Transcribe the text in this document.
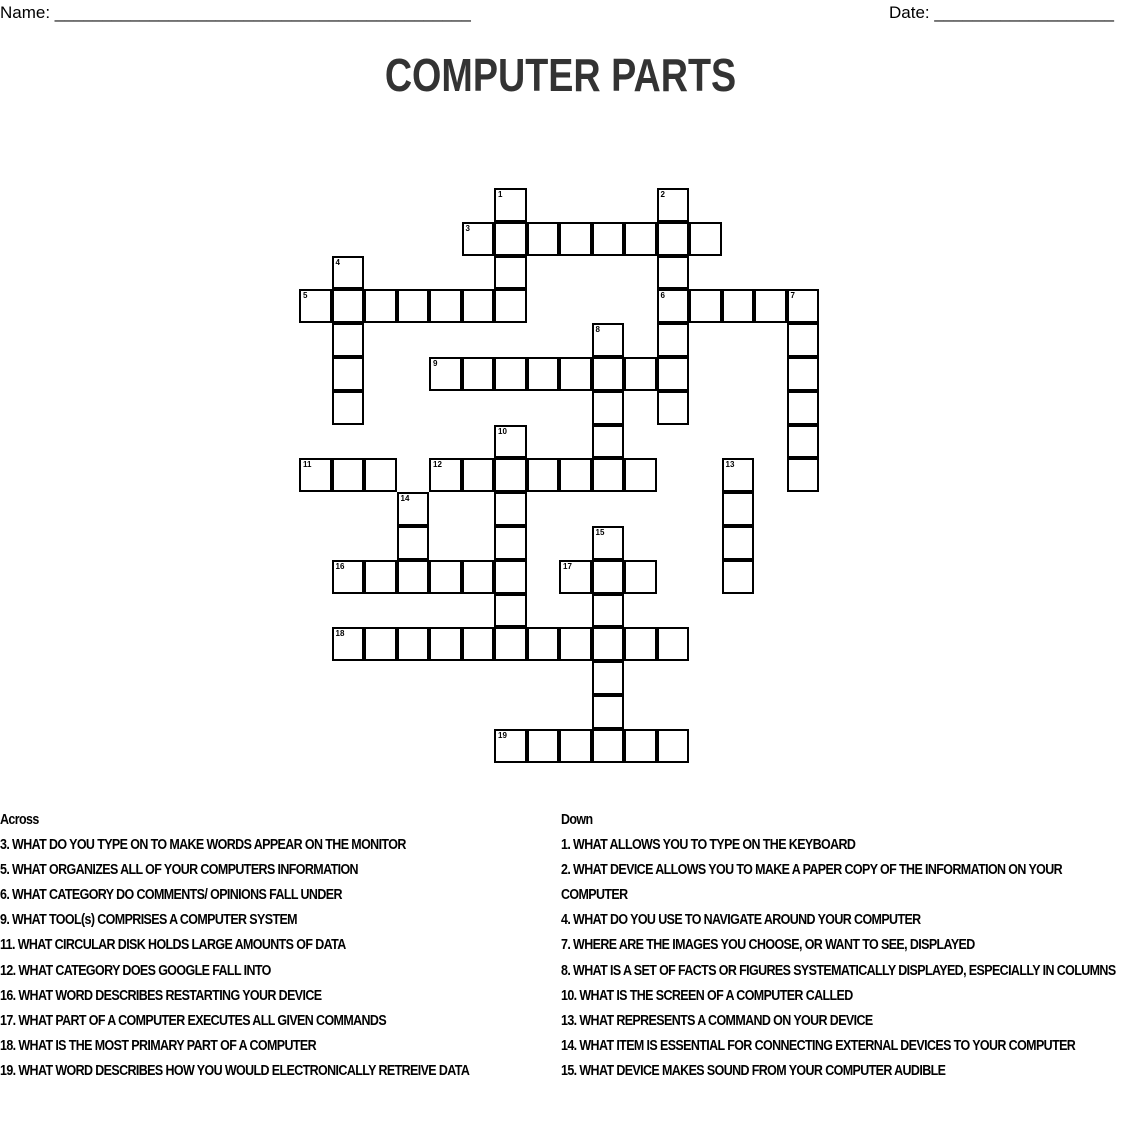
Name: ____________________________________________	Date: ___________________
COMPUTER PARTS
1	2
6
3
4
5	7
8
9
10
11	12	13
14
15
16	17
18
19
Across
3. WHAT DO YOU TYPE ON TO MAKE WORDS APPEAR ON THE MONITOR
5. WHAT ORGANIZES ALL OF YOUR COMPUTERS INFORMATION
6. WHAT CATEGORY DO COMMENTS/ OPINIONS FALL UNDER
9. WHAT TOOL(s) COMPRISES A COMPUTER SYSTEM
11. WHAT CIRCULAR DISK HOLDS LARGE AMOUNTS OF DATA
12. WHAT CATEGORY DOES GOOGLE FALL INTO
16. WHAT WORD DESCRIBES RESTARTING YOUR DEVICE
17. WHAT PART OF A COMPUTER EXECUTES ALL GIVEN COMMANDS
18. WHAT IS THE MOST PRIMARY PART OF A COMPUTER
19. WHAT WORD DESCRIBES HOW YOU WOULD ELECTRONICALLY RETREIVE DATA
Down
1. WHAT ALLOWS YOU TO TYPE ON THE KEYBOARD
2. WHAT DEVICE ALLOWS YOU TO MAKE A PAPER COPY OF THE INFORMATION ON YOUR COMPUTER
4. WHAT DO YOU USE TO NAVIGATE AROUND YOUR COMPUTER
7. WHERE ARE THE IMAGES YOU CHOOSE, OR WANT TO SEE, DISPLAYED
8. WHAT IS A SET OF FACTS OR FIGURES SYSTEMATICALLY DISPLAYED, ESPECIALLY IN COLUMNS
10. WHAT IS THE SCREEN OF A COMPUTER CALLED
13. WHAT REPRESENTS A COMMAND ON YOUR DEVICE
14. WHAT ITEM IS ESSENTIAL FOR CONNECTING EXTERNAL DEVICES TO YOUR COMPUTER
15. WHAT DEVICE MAKES SOUND FROM YOUR COMPUTER AUDIBLE
